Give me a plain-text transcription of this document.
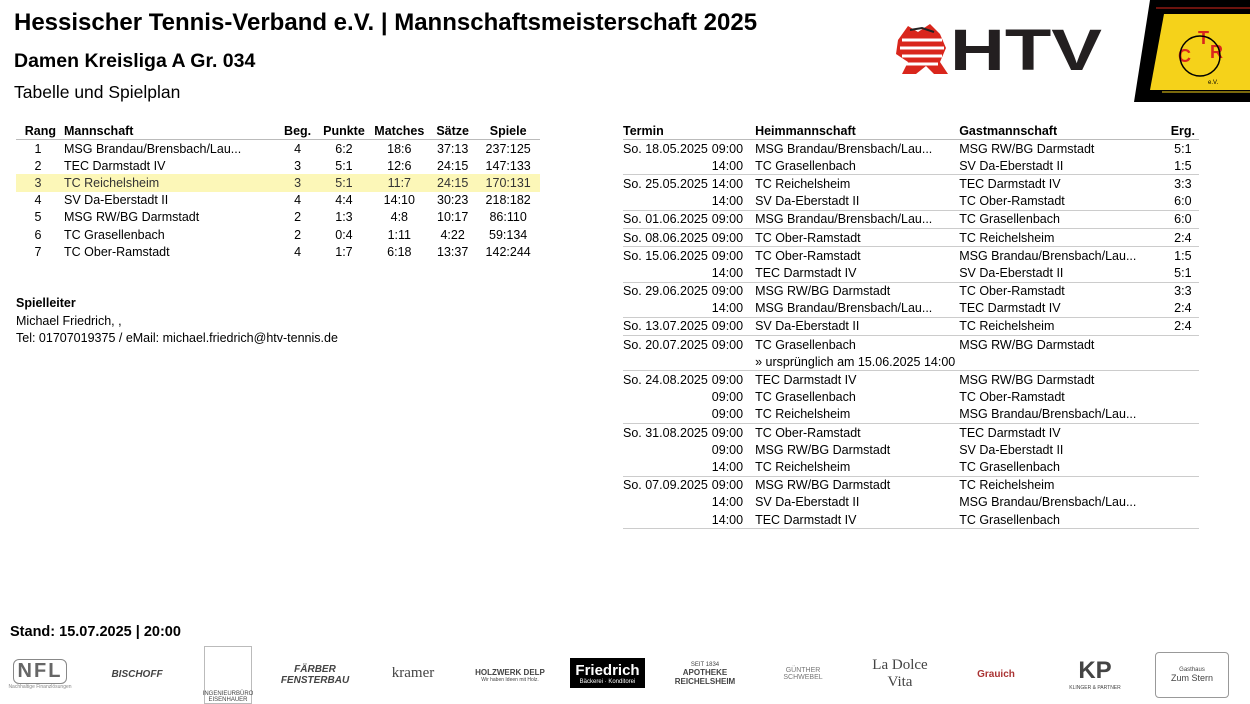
Hessischer Tennis-Verband e.V. | Mannschaftsmeisterschaft 2025
Damen Kreisliga A Gr. 034
Tabelle und Spielplan
HTV	T
C R
e.V.
Rang	Mannschaft	Beg.	Punkte	Matches	Sätze	Spiele
1	MSG Brandau/Brensbach/Lau...	4	6:2	18:6	37:13	237:125
2	TEC Darmstadt IV	3	5:1	12:6	24:15	147:133
3	TC Reichelsheim	3	5:1	11:7	24:15	170:131
4	SV Da-Eberstadt II	4	4:4	14:10	30:23	218:182
5	MSG RW/BG Darmstadt	2	1:3	4:8	10:17	86:110
6	TC Grasellenbach	2	0:4	1:11	4:22	59:134
7	TC Ober-Ramstadt	4	1:7	6:18	13:37	142:244
Spielleiter
Michael Friedrich, ,
Tel: 01707019375 / eMail: michael.friedrich@htv-tennis.de
Termin		Heimmannschaft	Gastmannschaft	Erg.
So. 18.05.2025	09:00	MSG Brandau/Brensbach/Lau...	MSG RW/BG Darmstadt	5:1
	14:00	TC Grasellenbach	SV Da-Eberstadt II	1:5
So. 25.05.2025	14:00	TC Reichelsheim	TEC Darmstadt IV	3:3
	14:00	SV Da-Eberstadt II	TC Ober-Ramstadt	6:0
So. 01.06.2025	09:00	MSG Brandau/Brensbach/Lau...	TC Grasellenbach	6:0
So. 08.06.2025	09:00	TC Ober-Ramstadt	TC Reichelsheim	2:4
So. 15.06.2025	09:00	TC Ober-Ramstadt	MSG Brandau/Brensbach/Lau...	1:5
	14:00	TEC Darmstadt IV	SV Da-Eberstadt II	5:1
So. 29.06.2025	09:00	MSG RW/BG Darmstadt	TC Ober-Ramstadt	3:3
	14:00	MSG Brandau/Brensbach/Lau...	TEC Darmstadt IV	2:4
So. 13.07.2025	09:00	SV Da-Eberstadt II	TC Reichelsheim	2:4
So. 20.07.2025	09:00	TC Grasellenbach	MSG RW/BG Darmstadt	
		» ursprünglich am 15.06.2025 14:00		
So. 24.08.2025	09:00	TEC Darmstadt IV	MSG RW/BG Darmstadt	
	09:00	TC Grasellenbach	TC Ober-Ramstadt	
	09:00	TC Reichelsheim	MSG Brandau/Brensbach/Lau...	
So. 31.08.2025	09:00	TC Ober-Ramstadt	TEC Darmstadt IV	
	09:00	MSG RW/BG Darmstadt	SV Da-Eberstadt II	
	14:00	TC Reichelsheim	TC Grasellenbach	
So. 07.09.2025	09:00	MSG RW/BG Darmstadt	TC Reichelsheim	
	14:00	SV Da-Eberstadt II	MSG Brandau/Brensbach/Lau...	
	14:00	TEC Darmstadt IV	TC Grasellenbach	
Stand: 15.07.2025 | 20:00
NFL
Nachhaltige Finanzlösungen
BISCHOFF
INGENIEURBÜRO EISENHAUER
FÄRBER FENSTERBAU	kramer	HOLZWERK DELP
Wir haben Ideen mit Holz.
Friedrich
Bäckerei · Konditorei
SEIT 1834
APOTHEKE REICHELSHEIM
GÜNTHER SCHWEBEL
La Dolce Vita	Grauich	KP
KLINGER & PARTNER
Gasthaus
Zum Stern
